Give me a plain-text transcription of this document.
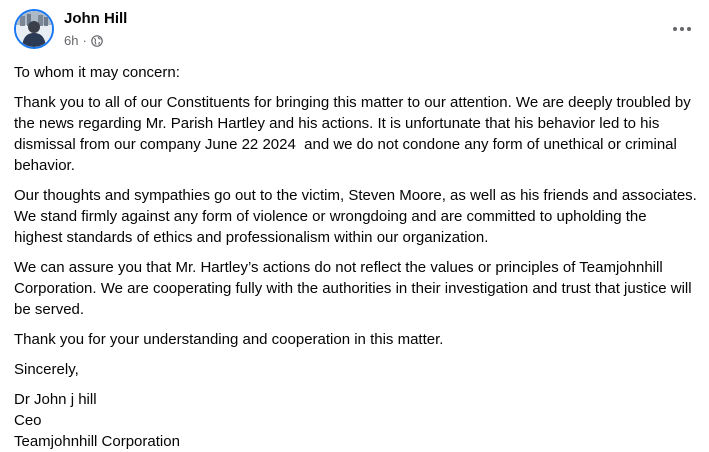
John Hill
6h ·

To whom it may concern:

Thank you to all of our Constituents for bringing this matter to our attention. We are deeply troubled by the news regarding Mr. Parish Hartley and his actions. It is unfortunate that his behavior led to his dismissal from our company June 22 2024  and we do not condone any form of unethical or criminal behavior.

Our thoughts and sympathies go out to the victim, Steven Moore, as well as his friends and associates. We stand firmly against any form of violence or wrongdoing and are committed to upholding the highest standards of ethics and professionalism within our organization.

We can assure you that Mr. Hartley’s actions do not reflect the values or principles of Teamjohnhill Corporation. We are cooperating fully with the authorities in their investigation and trust that justice will be served.

Thank you for your understanding and cooperation in this matter.

Sincerely,

Dr John j hill

Ceo

Teamjohnhill Corporation
